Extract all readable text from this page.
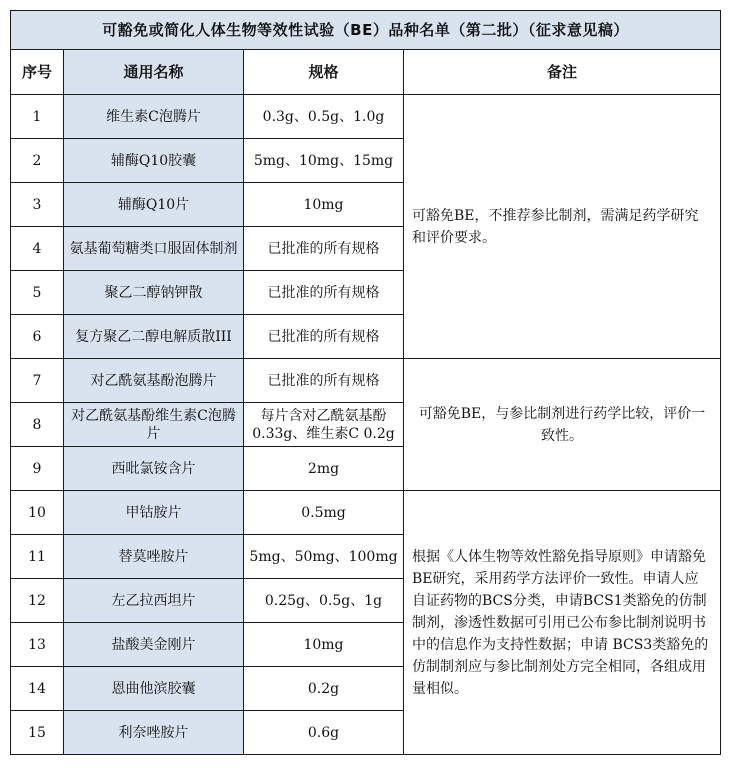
可豁免或简化人体生物等效性试验（BE）品种名单（第二批）（征求意见稿）			
序号	通用名称	规格	备注
1	维生素C泡腾片	0.3g、0.5g、1.0g	可豁免BE，不推荐参比制剂，需满足药学研究和评价要求。
2	辅酶Q10胶囊	5mg、10mg、15mg	
3	辅酶Q10片	10mg	
4	氨基葡萄糖类口服固体制剂	已批准的所有规格	
5	聚乙二醇钠钾散	已批准的所有规格	
6	复方聚乙二醇电解质散III	已批准的所有规格	
7	对乙酰氨基酚泡腾片	已批准的所有规格	可豁免BE，与参比制剂进行药学比较，评价一致性。
8	对乙酰氨基酚维生素C泡腾片	每片含对乙酰氨基酚0.33g、维生素C 0.2g	
9	西吡氯铵含片	2mg	
10	甲钴胺片	0.5mg	根据《人体生物等效性豁免指导原则》申请豁免BE研究，采用药学方法评价一致性。申请人应自证药物的BCS分类，申请BCS1类豁免的仿制制剂，渗透性数据可引用已公布参比制剂说明书中的信息作为支持性数据；申请 BCS3类豁免的仿制制剂应与参比制剂处方完全相同，各组成用量相似。
11	替莫唑胺片	5mg、50mg、100mg	
12	左乙拉西坦片	0.25g、0.5g、1g	
13	盐酸美金刚片	10mg	
14	恩曲他滨胶囊	0.2g	
15	利奈唑胺片	0.6g	
